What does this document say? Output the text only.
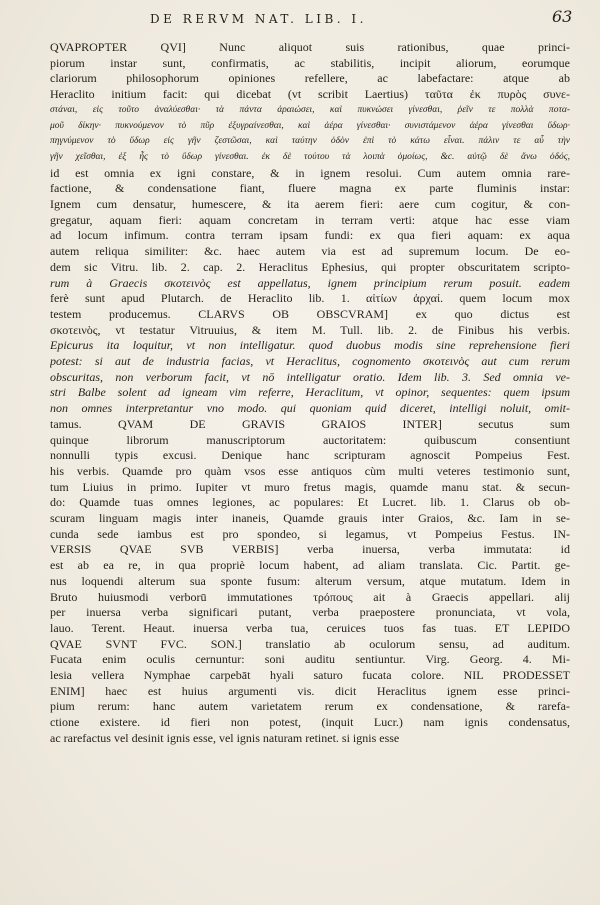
DE RERVM NAT. LIB. I.	63
QVAPROPTER QVI] Nunc aliquot suis rationibus, quae princi-
piorum instar sunt, confirmatis, ac stabilitis, incipit aliorum, eorumque
clariorum philosophorum opiniones refellere, ac labefactare: atque ab
Heraclito initium facit: qui dicebat (vt scribit Laertius) ταῦτα ἐκ πυρὸς συνε-
στάναι, εἰς τοῦτο ἀναλύεσθαι· τὰ πάντα ἀραιώσει, καὶ πυκνώσει γίνεσθαι, ῥεῖν τε πολλὰ ποτα-
μοῦ δίκην· πυκνούμενον τὸ πῦρ ἐξυγραίνεσθαι, καὶ ἀέρα γίνεσθαι· συνιστάμενον ἀέρα γίνεσθαι ὕδωρ·
πηγνύμενον τὸ ὕδωρ εἰς γῆν ζεστῶσαι, καὶ ταύτην ὁδὸν ἐπὶ τὸ κάτω εἶναι. πάλιν τε αὖ τὴν
γῆν χεῖσθαι, ἐξ ἧς τὸ ὕδωρ γίνεσθαι. ἐκ δὲ τούτου τὰ λοιπὰ ὁμοίως, &c. αὐτῷ δὲ ἄνω ὁδός,
id est omnia ex igni constare, & in ignem resolui. Cum autem omnia rare-
factione, & condensatione fiant, fluere magna ex parte fluminis instar:
Ignem cum densatur, humescere, & ita aerem fieri: aere cum cogitur, & con-
gregatur, aquam fieri: aquam concretam in terram verti: atque hac esse viam
ad locum infimum. contra terram ipsam fundi: ex qua fieri aquam: ex aqua
autem reliqua similiter: &c. haec autem via est ad supremum locum. De eo-
dem sic Vitru. lib. 2. cap. 2. Heraclitus Ephesius, qui propter obscuritatem scripto-
rum à Graecis σκοτεινὸς est appellatus, ignem principium rerum posuit. eadem
ferè sunt apud Plutarch. de Heraclito lib. 1. αἰτίων ἀρχαί. quem locum mox
testem producemus. CLARVS OB OBSCVRAM] ex quo dictus est
σκοτεινὸς, vt testatur Vitruuius, & item M. Tull. lib. 2. de Finibus his verbis.
Epicurus ita loquitur, vt non intelligatur. quod duobus modis sine reprehensione fieri
potest: si aut de industria facias, vt Heraclitus, cognomento σκοτεινὸς aut cum rerum
obscuritas, non verborum facit, vt nō intelligatur oratio. Idem lib. 3. Sed omnia ve-
stri Balbe solent ad igneam vim referre, Heraclitum, vt opinor, sequentes: quem ipsum
non omnes interpretantur vno modo. qui quoniam quid diceret, intelligi noluit, omit-
tamus. QVAM DE GRAVIS GRAIOS INTER] secutus sum
quinque librorum manuscriptorum auctoritatem: quibuscum consentiunt
nonnulli typis excusi. Denique hanc scripturam agnoscit Pompeius Fest.
his verbis. Quamde pro quàm vsos esse antiquos cùm multi veteres testimonio sunt,
tum Liuius in primo. Iupiter vt muro fretus magis, quamde manu stat. & secun-
do: Quamde tuas omnes legiones, ac populares: Et Lucret. lib. 1. Clarus ob ob-
scuram linguam magis inter inaneis, Quamde grauis inter Graios, &c. Iam in se-
cunda sede iambus est pro spondeo, si legamus, vt Pompeius Festus. IN-
VERSIS QVAE SVB VERBIS] verba inuersa, verba immutata: id
est ab ea re, in qua propriè locum habent, ad aliam translata. Cic. Partit. ge-
nus loquendi alterum sua sponte fusum: alterum versum, atque mutatum. Idem in
Bruto huiusmodi verborū immutationes τρόπους ait à Graecis appellari. alij
per inuersa verba significari putant, verba praepostere pronunciata, vt vola,
lauo. Terent. Heaut. inuersa verba tua, ceruices tuos fas tuas. ET LEPIDO
QVAE SVNT FVC. SON.] translatio ab oculorum sensu, ad auditum.
Fucata enim oculis cernuntur: soni auditu sentiuntur. Virg. Georg. 4. Mi-
lesia vellera Nymphae carpebāt hyali saturo fucata colore. NIL PRODESSET
ENIM] haec est huius argumenti vis. dicit Heraclitus ignem esse princi-
pium rerum: hanc autem varietatem rerum ex condensatione, & rarefa-
ctione existere. id fieri non potest, (inquit Lucr.) nam ignis condensatus,
ac rarefactus vel desinit ignis esse, vel ignis naturam retinet. si ignis esse
